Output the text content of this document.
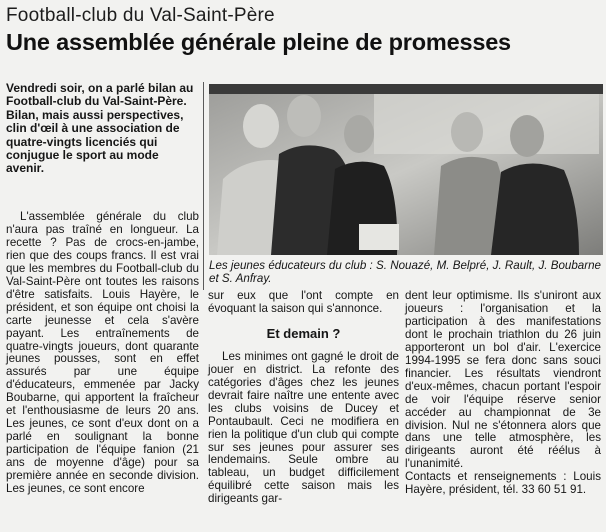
Football-club du Val-Saint-Père
Une assemblée générale pleine de promesses
Vendredi soir, on a parlé bilan au Football-club du Val-Saint-Père. Bilan, mais aussi perspectives, clin d'œil à une association de quatre-vingts licenciés qui conjugue le sport au mode avenir.
Les jeunes éducateurs du club : S. Nouazé, M. Belpré, J. Rault, J. Boubarne et S. Anfray.

L'assemblée générale du club n'aura pas traîné en longueur. La recette ? Pas de crocs-en-jambe, rien que des coups francs. Il est vrai que les membres du Football-club du Val-Saint-Père ont toutes les raisons d'être satisfaits. Louis Hayère, le président, et son équipe ont choisi la carte jeunesse et cela s'avère payant. Les entraînements de quatre-vingts joueurs, dont quarante jeunes pousses, sont en effet assurés par une équipe d'éducateurs, emmenée par Jacky Boubarne, qui apportent la fraîcheur et l'enthousiasme de leurs 20 ans. Les jeunes, ce sont d'eux dont on a parlé en soulignant la bonne participation de l'équipe fanion (21 ans de moyenne d'âge) pour sa première année en seconde division. Les jeunes, ce sont encore

sur eux que l'ont compte en évoquant la saison qui s'annonce.

Et demain ?

Les minimes ont gagné le droit de jouer en district. La refonte des catégories d'âges chez les jeunes devrait faire naître une entente avec les clubs voisins de Ducey et Pontaubault. Ceci ne modifiera en rien la politique d'un club qui compte sur ses jeunes pour assurer ses lendemains. Seule ombre au tableau, un budget difficilement équilibré cette saison mais les dirigeants gar-

dent leur optimisme. Ils s'uniront aux joueurs : l'organisation et la participation à des manifestations dont le prochain triathlon du 26 juin apporteront un bol d'air. L'exercice 1994-1995 se fera donc sans souci financier. Les résultats viendront d'eux-mêmes, chacun portant l'espoir de voir l'équipe réserve senior accéder au championnat de 3e division. Nul ne s'étonnera alors que dans une telle atmosphère, les dirigeants auront été réélus à l'unanimité.

Contacts et renseignements : Louis Hayère, président, tél. 33 60 51 91.
